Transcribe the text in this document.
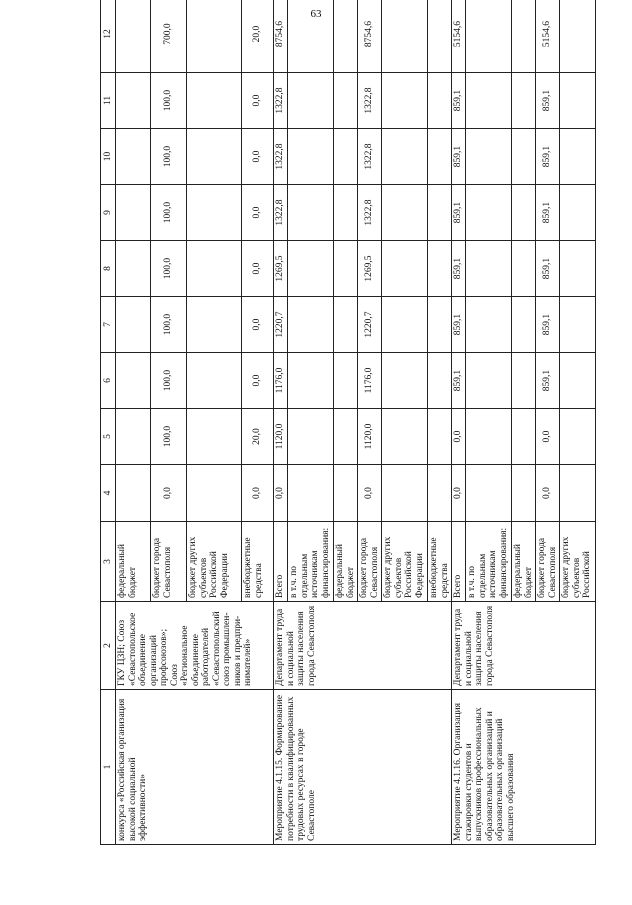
63
1	2	3	4	5	6	7	8	9	10	11	12
конкурса «Российская организация высокой социальной эффективности»	ГКУ ЦЗН; Союз «Севастопольское объединение организаций профсоюзов»; Союз «Региональное объединение работодателей «Севастопольский союз промышлен-ников и предпри-нимателей»	федеральный бюджет									
		бюджет города Севастополя	0,0	100,0	100,0	100,0	100,0	100,0	100,0	100,0	700,0
		бюджет других субъектов Российской Федерации									
		внебюджетные средства	0,0	20,0	0,0	0,0	0,0	0,0	0,0	0,0	20,0
Мероприятие 4.1.15. Формирование потребности в квалифицированных трудовых ресурсах в городе Севастополе	Департамент труда и социальной защиты населения города Севастополя	Всего	0,0	1120,0	1176,0	1220,7	1269,5	1322,8	1322,8	1322,8	8754,6
		в т.ч. по отдельным источникам финансирования:									
		федеральный бюджет									
		бюджет города Севастополя	0,0	1120,0	1176,0	1220,7	1269,5	1322,8	1322,8	1322,8	8754,6
		бюджет других субъектов Российской Федерации									
		внебюджетные средства									
Мероприятие 4.1.16. Организация стажировки студентов и выпускников профессиональных образовательных организаций и образовательных организаций высшего образования	Департамент труда и социальной защиты населения города Севастополя	Всего	0,0	0,0	859,1	859,1	859,1	859,1	859,1	859,1	5154,6
		в т.ч. по отдельным источникам финансирования:									
		федеральный бюджет									
		бюджет города Севастополя	0,0	0,0	859,1	859,1	859,1	859,1	859,1	859,1	5154,6
		бюджет других субъектов Российской									
